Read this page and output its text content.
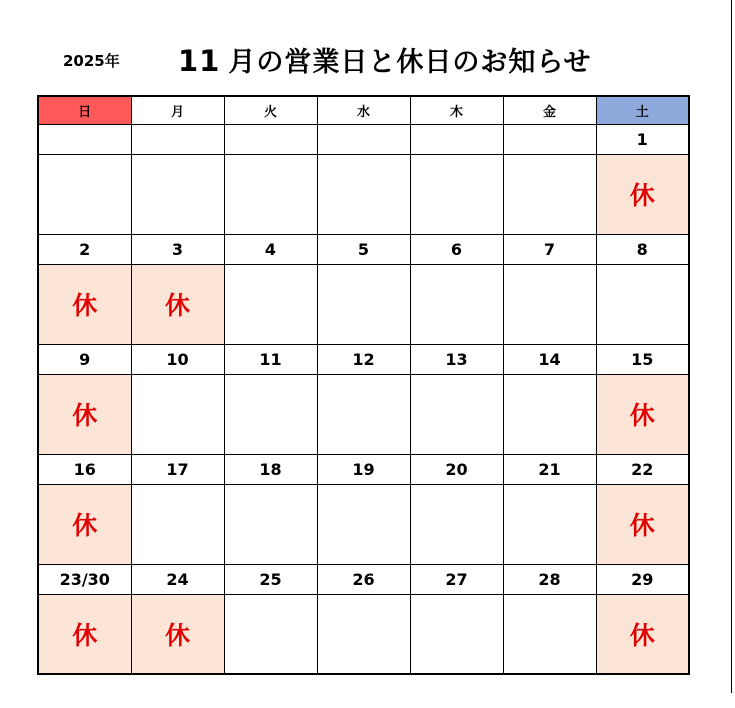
2025年 11 月の営業日と休日のお知らせ
日	月	火	水	木	金	土
						1
						休
2	3	4	5	6	7	8
休	休					
9	10	11	12	13	14	15
休						休
16	17	18	19	20	21	22
休						休
23/30	24	25	26	27	28	29
休	休					休
